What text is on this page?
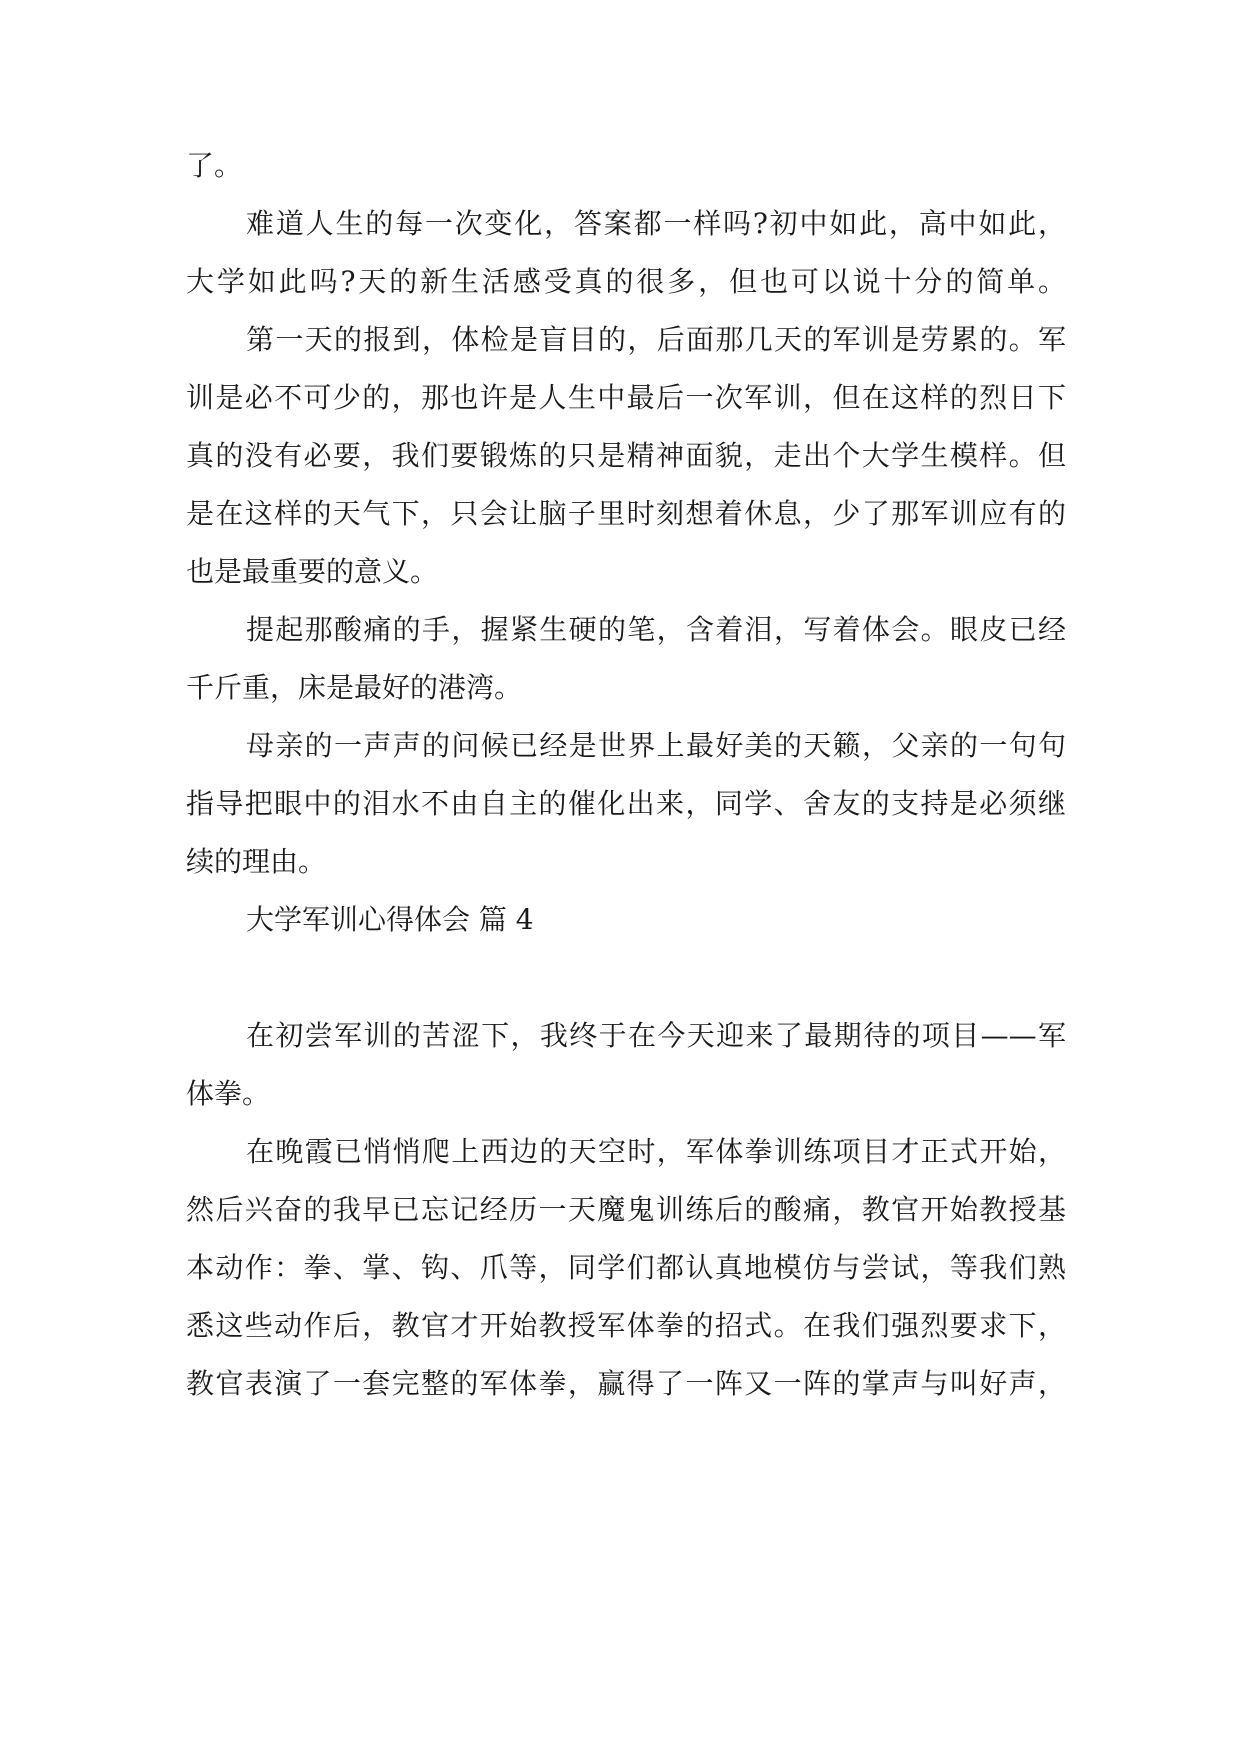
了。
难道人生的每一次变化，答案都一样吗?初中如此，高中如此，
大学如此吗?天的新生活感受真的很多，但也可以说十分的简单。
第一天的报到，体检是盲目的，后面那几天的军训是劳累的。军
训是必不可少的，那也许是人生中最后一次军训，但在这样的烈日下
真的没有必要，我们要锻炼的只是精神面貌，走出个大学生模样。但
是在这样的天气下，只会让脑子里时刻想着休息，少了那军训应有的
也是最重要的意义。
提起那酸痛的手，握紧生硬的笔，含着泪，写着体会。眼皮已经
千斤重，床是最好的港湾。
母亲的一声声的问候已经是世界上最好美的天籁，父亲的一句句
指导把眼中的泪水不由自主的催化出来，同学、舍友的支持是必须继
续的理由。
大学军训心得体会 篇 4
在初尝军训的苦涩下，我终于在今天迎来了最期待的项目——军
体拳。
在晚霞已悄悄爬上西边的天空时，军体拳训练项目才正式开始，
然后兴奋的我早已忘记经历一天魔鬼训练后的酸痛，教官开始教授基
本动作：拳、掌、钩、爪等，同学们都认真地模仿与尝试，等我们熟
悉这些动作后，教官才开始教授军体拳的招式。在我们强烈要求下，
教官表演了一套完整的军体拳，赢得了一阵又一阵的掌声与叫好声，
